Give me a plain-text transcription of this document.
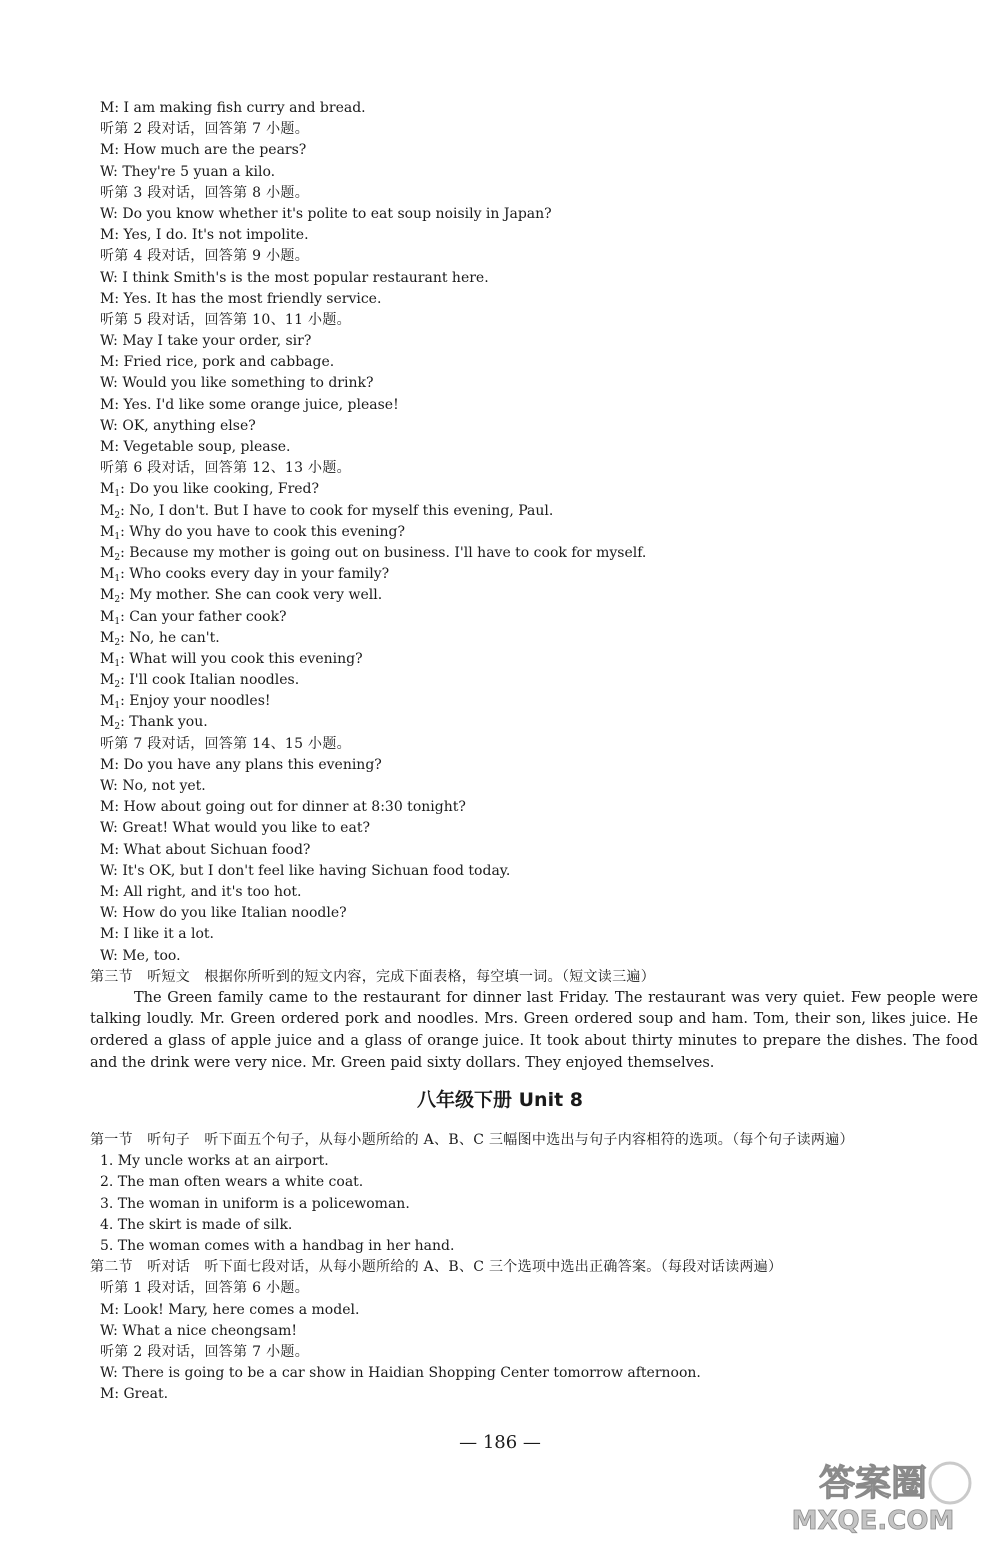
M: I am making fish curry and bread.
听第 2 段对话，回答第 7 小题。
M: How much are the pears?
W: They're 5 yuan a kilo.
听第 3 段对话，回答第 8 小题。
W: Do you know whether it's polite to eat soup noisily in Japan?
M: Yes, I do. It's not impolite.
听第 4 段对话，回答第 9 小题。
W: I think Smith's is the most popular restaurant here.
M: Yes. It has the most friendly service.
听第 5 段对话，回答第 10、11 小题。
W: May I take your order, sir?
M: Fried rice, pork and cabbage.
W: Would you like something to drink?
M: Yes. I'd like some orange juice, please!
W: OK, anything else?
M: Vegetable soup, please.
听第 6 段对话，回答第 12、13 小题。
$M_1$: Do you like cooking, Fred?
$M_2$: No, I don't. But I have to cook for myself this evening, Paul.
$M_1$: Why do you have to cook this evening?
$M_2$: Because my mother is going out on business. I'll have to cook for myself.
$M_1$: Who cooks every day in your family?
$M_2$: My mother. She can cook very well.
$M_1$: Can your father cook?
$M_2$: No, he can't.
$M_1$: What will you cook this evening?
$M_2$: I'll cook Italian noodles.
$M_1$: Enjoy your noodles!
$M_2$: Thank you.
听第 7 段对话，回答第 14、15 小题。
M: Do you have any plans this evening?
W: No, not yet.
M: How about going out for dinner at 8:30 tonight?
W: Great! What would you like to eat?
M: What about Sichuan food?
W: It's OK, but I don't feel like having Sichuan food today.
M: All right, and it's too hot.
W: How do you like Italian noodle?
M: I like it a lot.
W: Me, too.
第三节　听短文　根据你所听到的短文内容，完成下面表格，每空填一词。（短文读三遍）
The Green family came to the restaurant for dinner last Friday. The restaurant was very quiet. Few people were talking loudly. Mr. Green ordered pork and noodles. Mrs. Green ordered soup and ham. Tom, their son, likes juice. He ordered a glass of apple juice and a glass of orange juice. It took about thirty minutes to prepare the dishes. The food and the drink were very nice. Mr. Green paid sixty dollars. They enjoyed themselves.
八年级下册 Unit 8
第一节　听句子　听下面五个句子，从每小题所给的 A、B、C 三幅图中选出与句子内容相符的选项。（每个句子读两遍）
1. My uncle works at an airport.
2. The man often wears a white coat.
3. The woman in uniform is a policewoman.
4. The skirt is made of silk.
5. The woman comes with a handbag in her hand.
第二节　听对话　听下面七段对话，从每小题所给的 A、B、C 三个选项中选出正确答案。（每段对话读两遍）
听第 1 段对话，回答第 6 小题。
M: Look! Mary, here comes a model.
W: What a nice cheongsam!
听第 2 段对话，回答第 7 小题。
W: There is going to be a car show in Haidian Shopping Center tomorrow afternoon.
M: Great.
— 186 —
答案圈
MXQE.COM
